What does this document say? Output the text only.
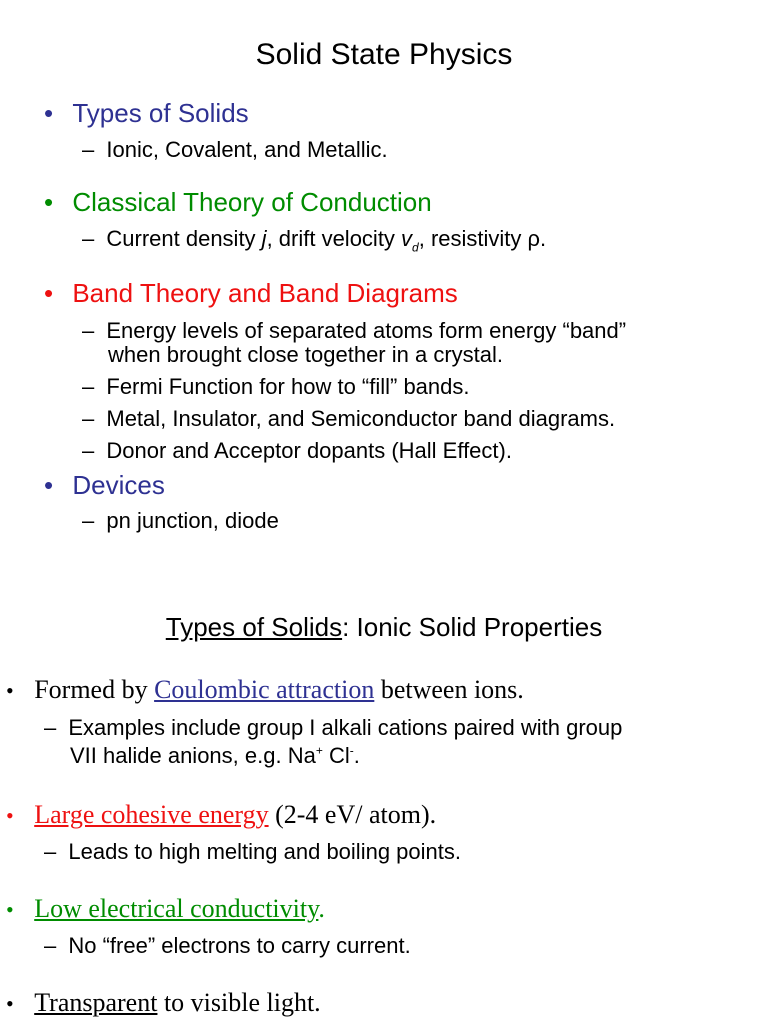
Solid State Physics
• Types of Solids
– Ionic, Covalent, and Metallic.
• Classical Theory of Conduction
– Current density j, drift velocity $v_d$, resistivity ρ.
• Band Theory and Band Diagrams
– Energy levels of separated atoms form energy “band”
when brought close together in a crystal.
– Fermi Function for how to “fill” bands.
– Metal, Insulator, and Semiconductor band diagrams.
– Donor and Acceptor dopants (Hall Effect).
• Devices
– pn junction, diode
Types of Solids: Ionic Solid Properties
• Formed by Coulombic attraction between ions.
– Examples include group I alkali cations paired with group
VII halide anions, e.g. Na+ Cl-.
• Large cohesive energy (2-4 eV/ atom).
– Leads to high melting and boiling points.
• Low electrical conductivity.
– No “free” electrons to carry current.
• Transparent to visible light.
